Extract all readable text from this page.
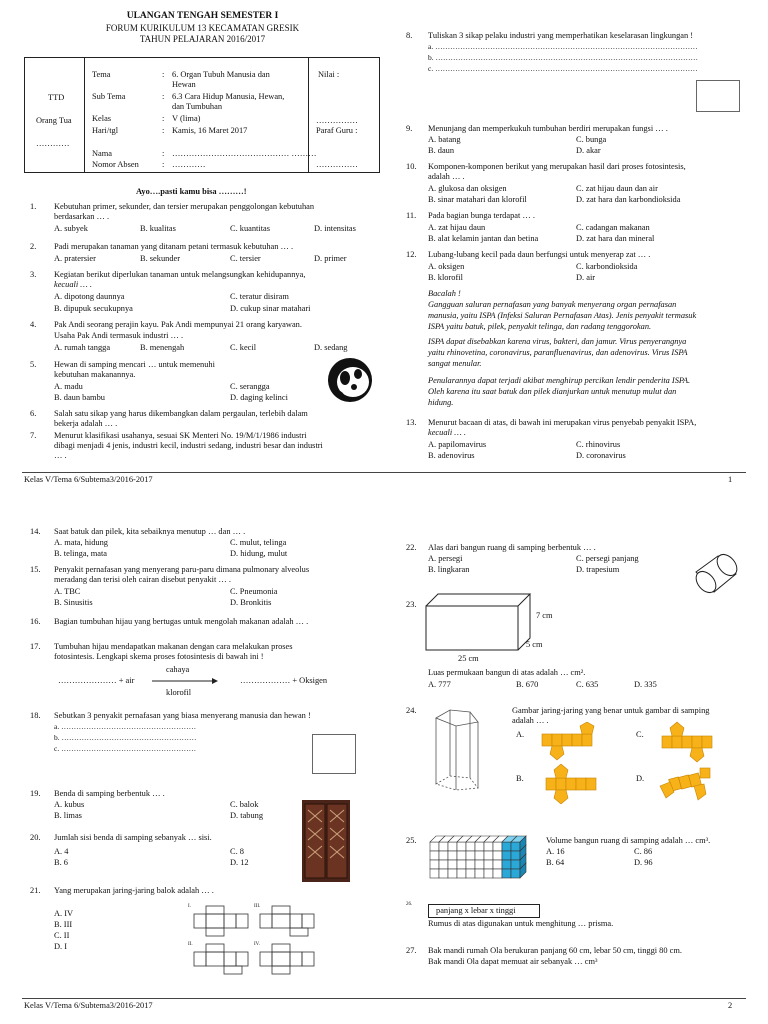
ULANGAN TENGAH SEMESTER I
FORUM KURIKULUM 13 KECAMATAN GRESIK
TAHUN PELAJARAN 2016/2017
TTD
Orang Tua
…………
Tema	: 6. Organ Tubuh Manusia dan
Hewan
Sub Tema	: 6.3 Cara Hidup Manusia, Hewan,
dan Tumbuhan
Kelas	: V (lima)
Hari/tgl	: Kamis, 16 Maret 2017
Nama	: …………………………………… ………
Nomor Absen	: …………
Nilai :
……………
Paraf Guru :
……………
Ayo….pasti kamu bisa ………!
1. Kebutuhan primer, sekunder, dan tersier merupakan penggolongan kebutuhan
berdasarkan … .
A. subyek	B. kualitas	C. kuantitas	D. intensitas
2. Padi merupakan tanaman yang ditanam petani termasuk kebutuhan … .
A. pratersier	B. sekunder	C. tersier	D. primer
3. Kegiatan berikut diperlukan tanaman untuk melangsungkan kehidupannya,
kecuali … .
A. dipotong daunnya	C. teratur disiram
B. dipupuk secukupnya	D. cukup sinar matahari
4. Pak Andi seorang perajin kayu. Pak Andi mempunyai 21 orang karyawan.
Usaha Pak Andi termasuk industri … .
A. rumah tangga	B. menengah	C. kecil	D. sedang
5. Hewan di samping mencari … untuk memenuhi
kebutuhan makanannya.
A. madu	C. serangga
B. daun bambu	D. daging kelinci
6. Salah satu sikap yang harus dikembangkan dalam pergaulan, terlebih dalam
bekerja adalah … .
7. Menurut klasifikasi usahanya, sesuai SK Menteri No. 19/M/1/1986 industri
dibagi menjadi 4 jenis, industri kecil, industri sedang, industri besar dan industri
… .
8. Tuliskan 3 sikap pelaku industri yang memperhatikan keselarasan lingkungan !
a. ……………………………………………………………………………………………
b. ……………………………………………………………………………………………
c. ……………………………………………………………………………………………
9. Menunjang dan memperkukuh tumbuhan berdiri merupakan fungsi … .
A. batang	C. bunga
B. daun	D. akar
10. Komponen-komponen berikut yang merupakan hasil dari proses fotosintesis,
adalah … .
A. glukosa dan oksigen	C. zat hijau daun dan air
B. sinar matahari dan klorofil	D. zat hara dan karbondioksida
11. Pada bagian bunga terdapat … .
A. zat hijau daun	C. cadangan makanan
B. alat kelamin jantan dan betina	D. zat hara dan mineral
12. Lubang-lubang kecil pada daun berfungsi untuk menyerap zat … .
A. oksigen	C. karbondioksida
B. klorofil	D. air
Bacalah !
Gangguan saluran pernafasan yang banyak menyerang organ pernafasan
manusia, yaitu ISPA (Infeksi Saluran Pernafasan Atas). Jenis penyakit termasuk
ISPA yaitu batuk, pilek, penyakit telinga, dan radang tenggorokan.
ISPA dapat disebabkan karena virus, bakteri, dan jamur. Virus penyerangnya
yaitu rhinovetina, coronavirus, paranfluenavirus, dan adenovirus. Virus ISPA
sangat menular.
Penularannya dapat terjadi akibat menghirup percikan lendir penderita ISPA.
Oleh karena itu saat batuk dan pilek dianjurkan untuk menutup mulut dan
hidung.
13. Menurut bacaan di atas, di bawah ini merupakan virus penyebab penyakit ISPA,
kecuali … .
A. papilomavirus	C. rhinovirus
B. adenovirus	D. coronavirus
Kelas V/Tema 6/Subtema3/2016-2017	1
14. Saat batuk dan pilek, kita sebaiknya menutup … dan … .
A. mata, hidung	C. mulut, telinga
B. telinga, mata	D. hidung, mulut
15. Penyakit pernafasan yang menyerang paru-paru dimana pulmonary alveolus
meradang dan terisi oleh cairan disebut penyakit … .
A. TBC	C. Pneumonia
B. Sinusitis	D. Bronkitis
16. Bagian tumbuhan hijau yang bertugas untuk mengolah makanan adalah … .
17. Tumbuhan hijau mendapatkan makanan dengan cara melakukan proses
fotosintesis. Lengkapi skema proses fotosintesis di bawah ini !
cahaya
………………… + air
klorofil
……………… + Oksigen
18. Sebutkan 3 penyakit pernafasan yang biasa menyerang manusia dan hewan !
a. ………………………………………………
b. ………………………………………………
c. ………………………………………………
19. Benda di samping berbentuk … .
A. kubus	C. balok
B. limas	D. tabung
20. Jumlah sisi benda di samping sebanyak … sisi.
A. 4	C. 8
B. 6	D. 12
21. Yang merupakan jaring-jaring balok adalah … .
A. IV
B. III
C. II
D. I
I.	III.
II.	IV.
22. Alas dari bangun ruang di samping berbentuk … .
A. persegi	C. persegi panjang
B. lingkaran	D. trapesium
23.
7 cm
5 cm
25 cm
Luas permukaan bangun di atas adalah … cm².
A. 777	B. 670	C. 635	D. 335
24.	Gambar jaring-jaring yang benar untuk gambar di samping
adalah … .
A.	C.
B.	D.
25.	Volume bangun ruang di samping adalah … cm³.
A. 16	C. 86
B. 64	D. 96
26.
panjang x lebar x tinggi
Rumus di atas digunakan untuk menghitung … prisma.
27. Bak mandi rumah Ola berukuran panjang 60 cm, lebar 50 cm, tinggi 80 cm.
Bak mandi Ola dapat memuat air sebanyak … cm³
Kelas V/Tema 6/Subtema3/2016-2017	2
